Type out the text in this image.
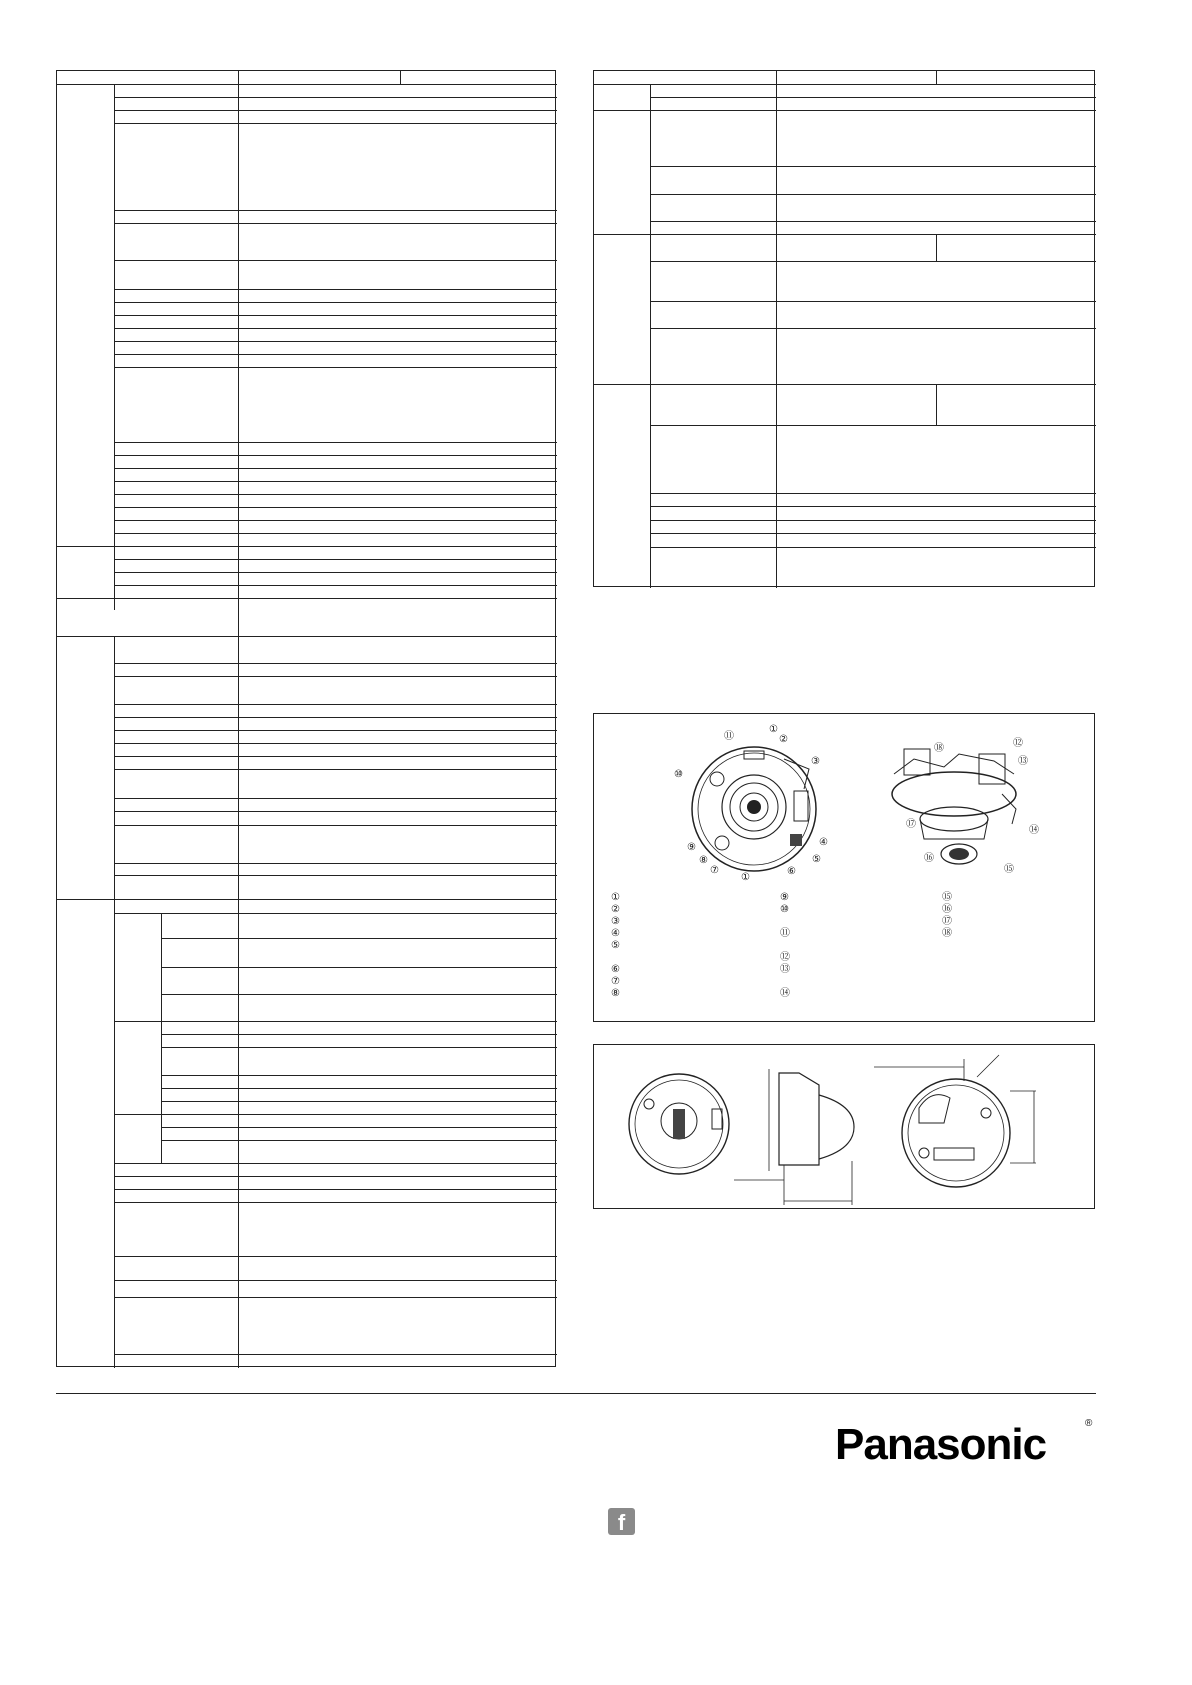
⑪
①
②
③
⑩
④
⑤
⑥
⑨
⑧
⑦
①
⑱	⑫
⑬
⑭
⑰
⑯
⑮
①
②
③
④
⑤
⑥
⑦
⑧
⑨
⑩
⑪
⑫
⑬
⑭
⑮
⑯
⑰
⑱
Panasonic	®
f
